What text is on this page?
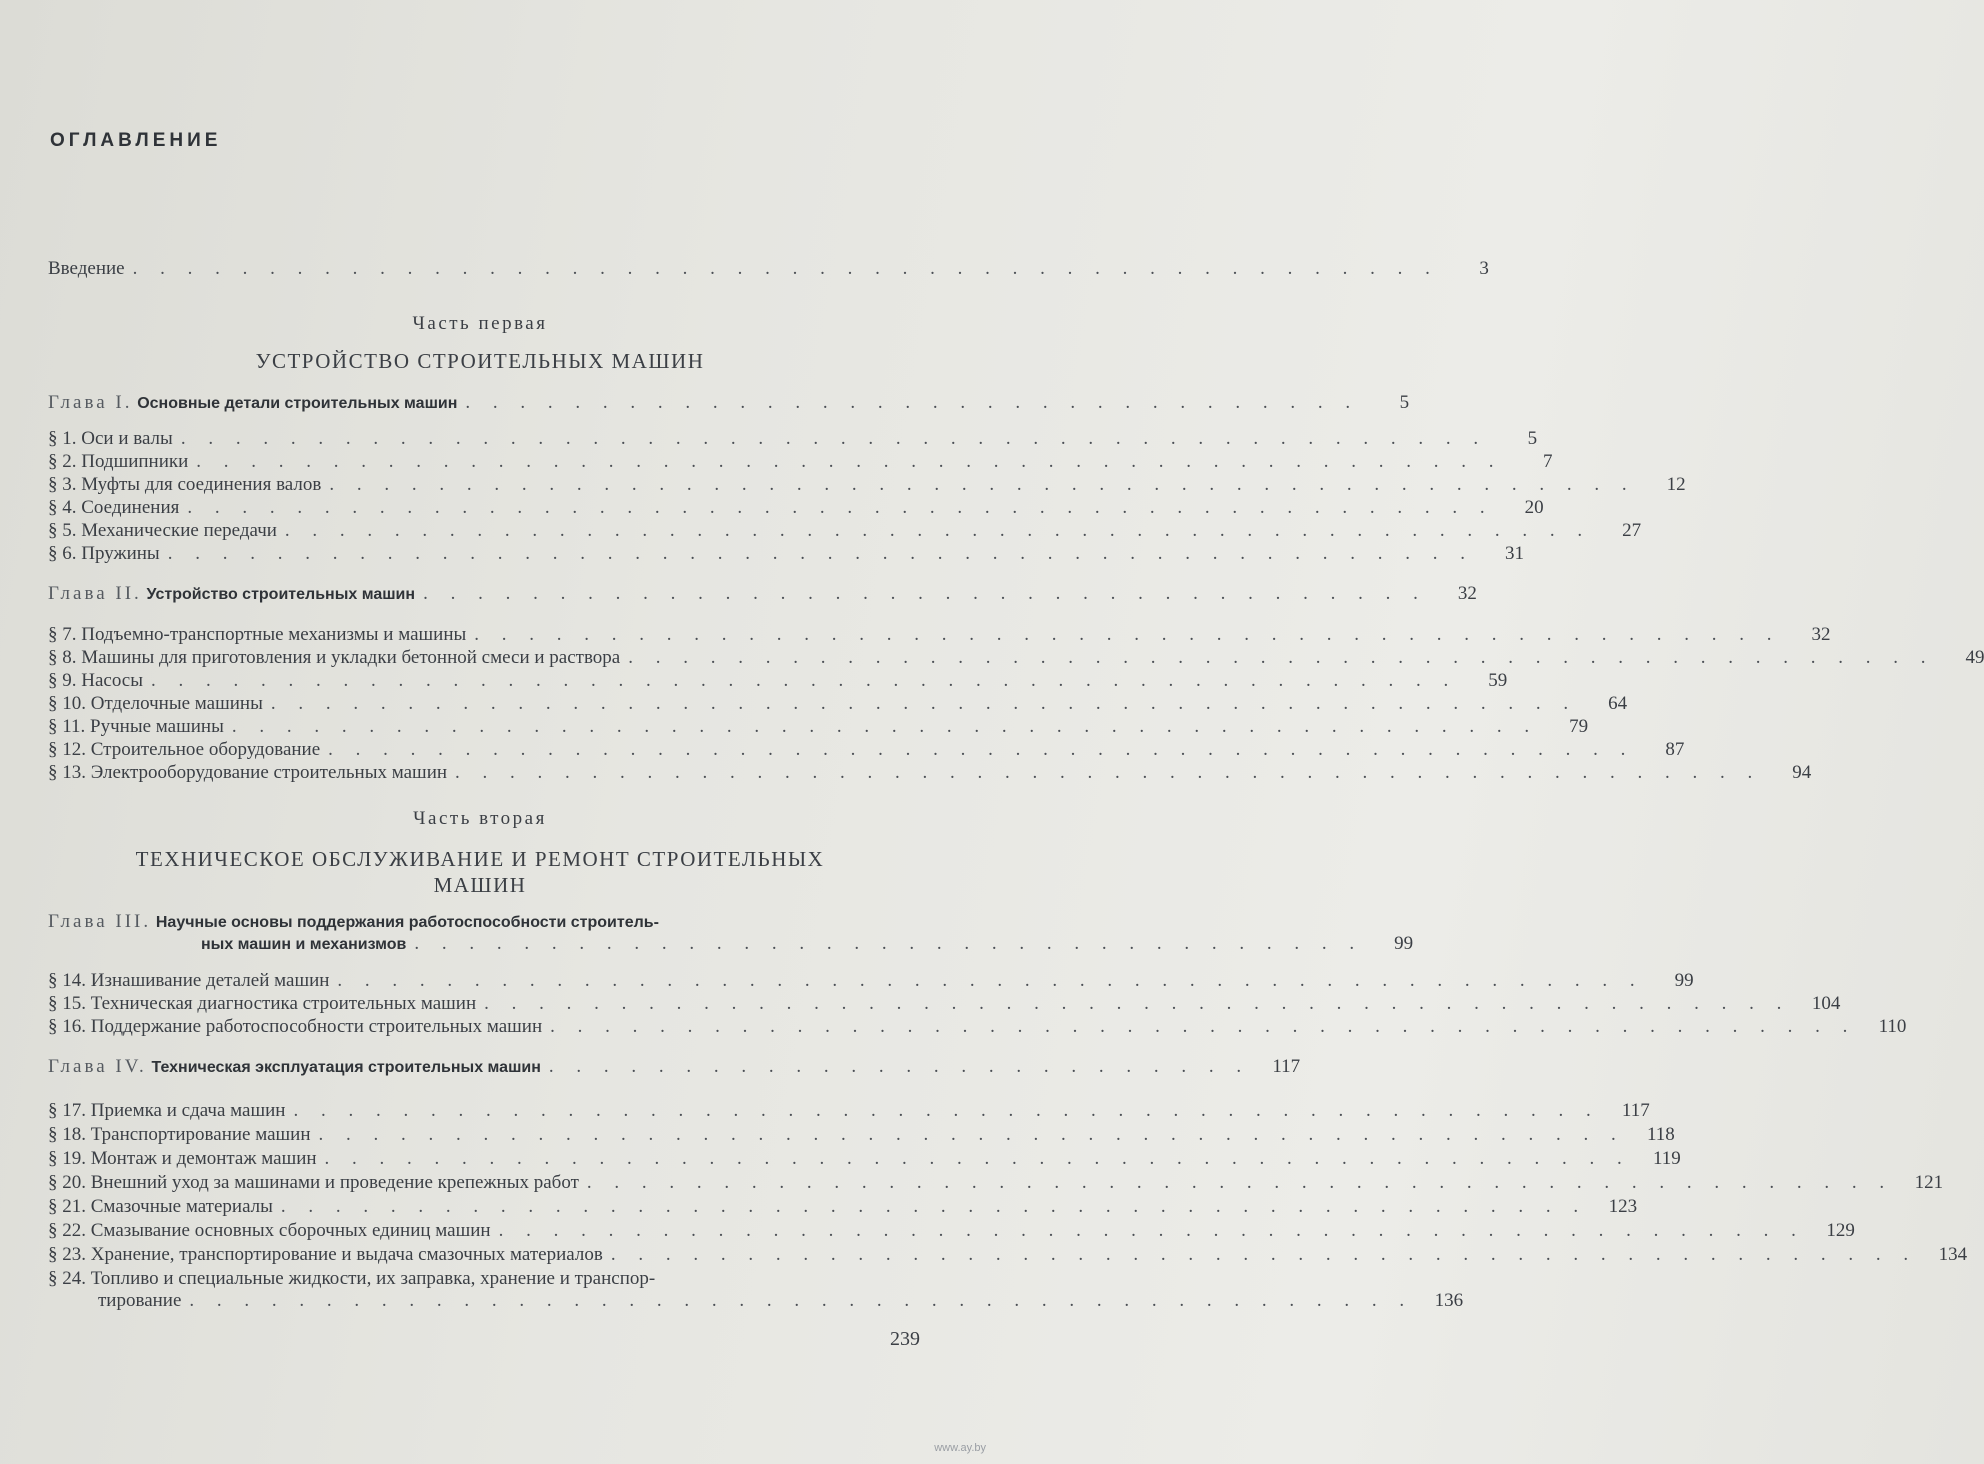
ОГЛАВЛЕНИЕ
Введение . . . . . . . . . . . . . . . . . . . . . . . . . . . . . . . . . . . . . . . . . . . . . . . .	3
Часть первая
УСТРОЙСТВО СТРОИТЕЛЬНЫХ МАШИН
Глава I. Основные детали строительных машин . . . . . . . . . . . . . . . . . . . . . . . . . . . . . . . . .	5
§ 1. Оси и валы . . . . . . . . . . . . . . . . . . . . . . . . . . . . . . . . . . . . . . . . . . . . . . . .	5
§ 2. Подшипники . . . . . . . . . . . . . . . . . . . . . . . . . . . . . . . . . . . . . . . . . . . . . . . .	7
§ 3. Муфты для соединения валов . . . . . . . . . . . . . . . . . . . . . . . . . . . . . . . . . . . . . . . . . . . . . . . .	12
§ 4. Соединения . . . . . . . . . . . . . . . . . . . . . . . . . . . . . . . . . . . . . . . . . . . . . . . .	20
§ 5. Механические передачи . . . . . . . . . . . . . . . . . . . . . . . . . . . . . . . . . . . . . . . . . . . . . . . .	27
§ 6. Пружины . . . . . . . . . . . . . . . . . . . . . . . . . . . . . . . . . . . . . . . . . . . . . . . .	31
Глава II. Устройство строительных машин . . . . . . . . . . . . . . . . . . . . . . . . . . . . . . . . . . . . .	32
§ 7. Подъемно-транспортные механизмы и машины . . . . . . . . . . . . . . . . . . . . . . . . . . . . . . . . . . . . . . . . . . . . . . . .	32
§ 8. Машины для приготовления и укладки бетонной смеси и раствора . . . . . . . . . . . . . . . . . . . . . . . . . . . . . . . . . . . . . . . . . . . . . . . .	49
§ 9. Насосы . . . . . . . . . . . . . . . . . . . . . . . . . . . . . . . . . . . . . . . . . . . . . . . .	59
§ 10. Отделочные машины . . . . . . . . . . . . . . . . . . . . . . . . . . . . . . . . . . . . . . . . . . . . . . . .	64
§ 11. Ручные машины . . . . . . . . . . . . . . . . . . . . . . . . . . . . . . . . . . . . . . . . . . . . . . . .	79
§ 12. Строительное оборудование . . . . . . . . . . . . . . . . . . . . . . . . . . . . . . . . . . . . . . . . . . . . . . . .	87
§ 13. Электрооборудование строительных машин . . . . . . . . . . . . . . . . . . . . . . . . . . . . . . . . . . . . . . . . . . . . . . . .	94
Часть вторая
ТЕХНИЧЕСКОЕ ОБСЛУЖИВАНИЕ И РЕМОНТ СТРОИТЕЛЬНЫХ
МАШИН
Глава III. Научные основы поддержания работоспособности строитель-
ных машин и механизмов . . . . . . . . . . . . . . . . . . . . . . . . . . . . . . . . . . .	99
§ 14. Изнашивание деталей машин . . . . . . . . . . . . . . . . . . . . . . . . . . . . . . . . . . . . . . . . . . . . . . . .	99
§ 15. Техническая диагностика строительных машин . . . . . . . . . . . . . . . . . . . . . . . . . . . . . . . . . . . . . . . . . . . . . . . .	104
§ 16. Поддержание работоспособности строительных машин . . . . . . . . . . . . . . . . . . . . . . . . . . . . . . . . . . . . . . . . . . . . . . . .	110
Глава IV. Техническая эксплуатация строительных машин . . . . . . . . . . . . . . . . . . . . . . . . . .	117
§ 17. Приемка и сдача машин . . . . . . . . . . . . . . . . . . . . . . . . . . . . . . . . . . . . . . . . . . . . . . . .	117
§ 18. Транспортирование машин . . . . . . . . . . . . . . . . . . . . . . . . . . . . . . . . . . . . . . . . . . . . . . . .	118
§ 19. Монтаж и демонтаж машин . . . . . . . . . . . . . . . . . . . . . . . . . . . . . . . . . . . . . . . . . . . . . . . .	119
§ 20. Внешний уход за машинами и проведение крепежных работ . . . . . . . . . . . . . . . . . . . . . . . . . . . . . . . . . . . . . . . . . . . . . . . .	121
§ 21. Смазочные материалы . . . . . . . . . . . . . . . . . . . . . . . . . . . . . . . . . . . . . . . . . . . . . . . .	123
§ 22. Смазывание основных сборочных единиц машин . . . . . . . . . . . . . . . . . . . . . . . . . . . . . . . . . . . . . . . . . . . . . . . .	129
§ 23. Хранение, транспортирование и выдача смазочных материалов . . . . . . . . . . . . . . . . . . . . . . . . . . . . . . . . . . . . . . . . . . . . . . . .	134
§ 24. Топливо и специальные жидкости, их заправка, хранение и транспор-
тирование . . . . . . . . . . . . . . . . . . . . . . . . . . . . . . . . . . . . . . . . . . . . .	136
239
www.ay.by
